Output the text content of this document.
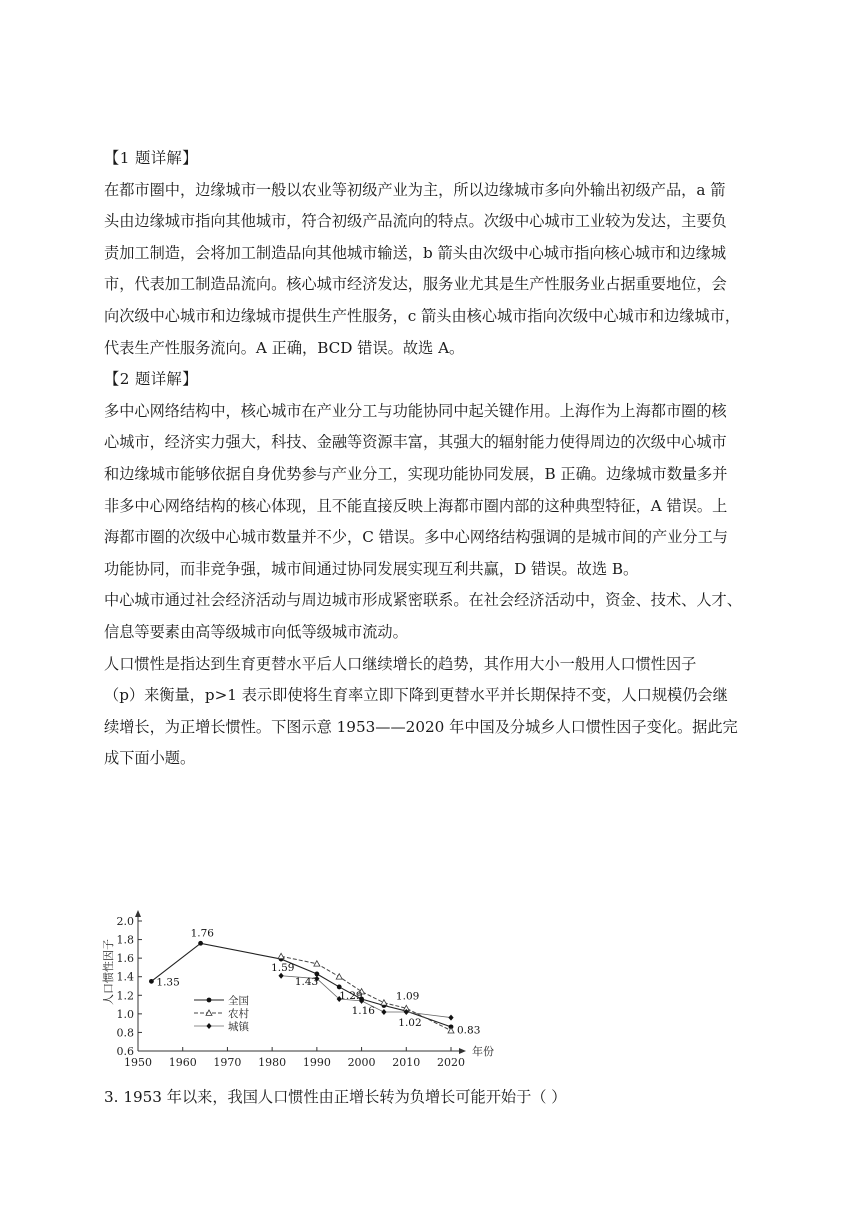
【1 题详解】
在都市圈中，边缘城市一般以农业等初级产业为主，所以边缘城市多向外输出初级产品，a 箭
头由边缘城市指向其他城市，符合初级产品流向的特点。次级中心城市工业较为发达，主要负
责加工制造，会将加工制造品向其他城市输送，b 箭头由次级中心城市指向核心城市和边缘城
市，代表加工制造品流向。核心城市经济发达，服务业尤其是生产性服务业占据重要地位，会
向次级中心城市和边缘城市提供生产性服务，c 箭头由核心城市指向次级中心城市和边缘城市，
代表生产性服务流向。A 正确，BCD 错误。故选 A。
【2 题详解】
多中心网络结构中，核心城市在产业分工与功能协同中起关键作用。上海作为上海都市圈的核
心城市，经济实力强大，科技、金融等资源丰富，其强大的辐射能力使得周边的次级中心城市
和边缘城市能够依据自身优势参与产业分工，实现功能协同发展，B 正确。边缘城市数量多并
非多中心网络结构的核心体现，且不能直接反映上海都市圈内部的这种典型特征，A 错误。上
海都市圈的次级中心城市数量并不少，C 错误。多中心网络结构强调的是城市间的产业分工与
功能协同，而非竞争强，城市间通过协同发展实现互利共赢，D 错误。故选 B。
中心城市通过社会经济活动与周边城市形成紧密联系。在社会经济活动中，资金、技术、人才、
信息等要素由高等级城市向低等级城市流动。
人口惯性是指达到生育更替水平后人口继续增长的趋势，其作用大小一般用人口惯性因子
（p）来衡量，p>1 表示即使将生育率立即下降到更替水平并长期保持不变，人口规模仍会继
续增长，为正增长惯性。下图示意 1953——2020 年中国及分城乡人口惯性因子变化。据此完
成下面小题。
人口惯性因子
年份
0.6
0.8
1.0
1.2
1.4
1.6
1.8
2.0
1950 1960 1970 1980 1990 2000 2010 2020
1.76
1.35
1.59
1.43
1.29	1.09
1.16
1.02
0.83
全国
农村
城镇
3. 1953 年以来，我国人口惯性由正增长转为负增长可能开始于（ ）
